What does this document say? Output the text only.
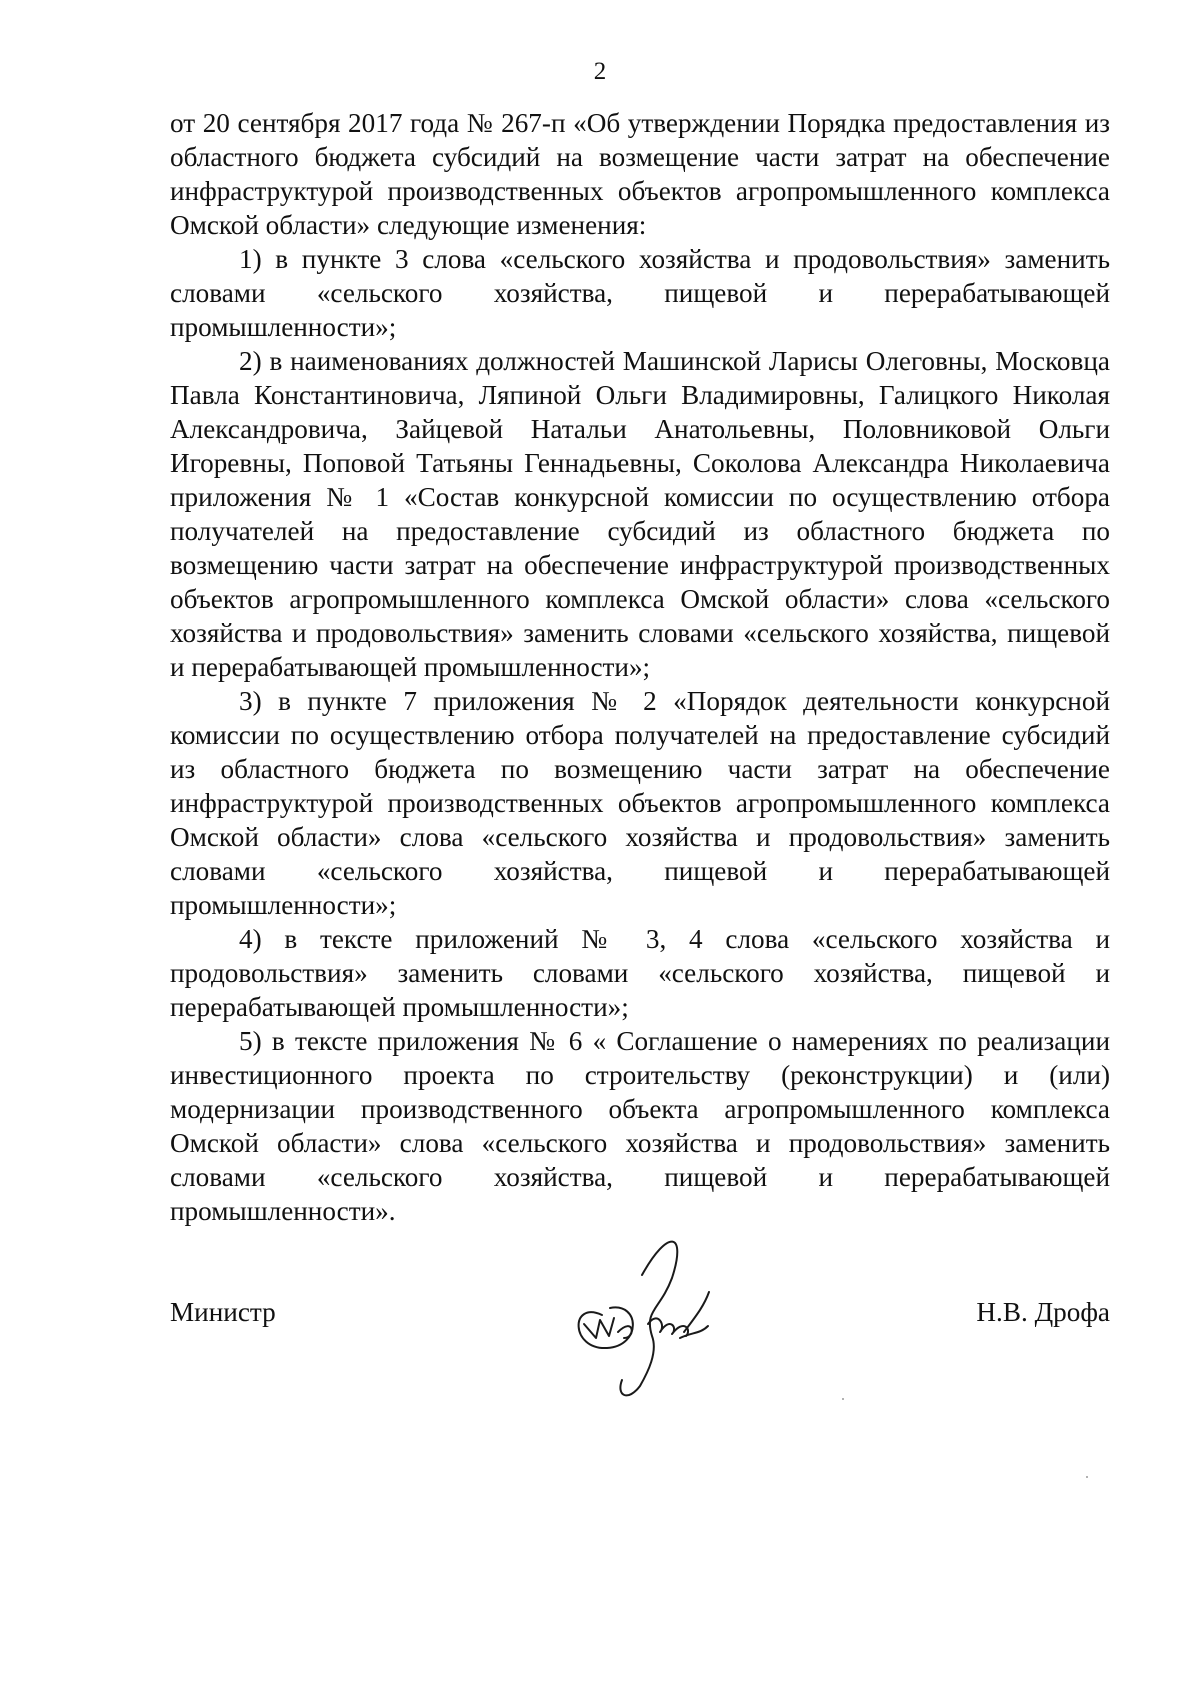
2

от 20 сентября 2017 года № 267-п «Об утверждении Порядка предоставления из областного бюджета субсидий на возмещение части затрат на обеспечение инфраструктурой производственных объектов агропромышленного комплекса Омской области» следующие изменения:

1) в пункте 3 слова «сельского хозяйства и продовольствия» заменить словами «сельского хозяйства, пищевой и перерабатывающей промышленности»;

2) в наименованиях должностей Машинской Ларисы Олеговны, Московца Павла Константиновича, Ляпиной Ольги Владимировны, Галицкого Николая Александровича, Зайцевой Натальи Анатольевны, Половниковой Ольги Игоревны, Поповой Татьяны Геннадьевны, Соколова Александра Николаевича приложения № 1 «Состав конкурсной комиссии по осуществлению отбора получателей на предоставление субсидий из областного бюджета по возмещению части затрат на обеспечение инфраструктурой производственных объектов агропромышленного комплекса Омской области» слова «сельского хозяйства и продовольствия» заменить словами «сельского хозяйства, пищевой и перерабатывающей промышленности»;

3) в пункте 7 приложения № 2 «Порядок деятельности конкурсной комиссии по осуществлению отбора получателей на предоставление субсидий из областного бюджета по возмещению части затрат на обеспечение инфраструктурой производственных объектов агропромышленного комплекса Омской области» слова «сельского хозяйства и продовольствия» заменить словами «сельского хозяйства, пищевой и перерабатывающей промышленности»;

4) в тексте приложений № 3, 4 слова «сельского хозяйства и продовольствия» заменить словами «сельского хозяйства, пищевой и перерабатывающей промышленности»;

5) в тексте приложения № 6 « Соглашение о намерениях по реализации инвестиционного проекта по строительству (реконструкции) и (или) модернизации производственного объекта агропромышленного комплекса Омской области» слова «сельского хозяйства и продовольствия» заменить словами «сельского хозяйства, пищевой и перерабатывающей промышленности».

Министр	Н.В. Дрофа
